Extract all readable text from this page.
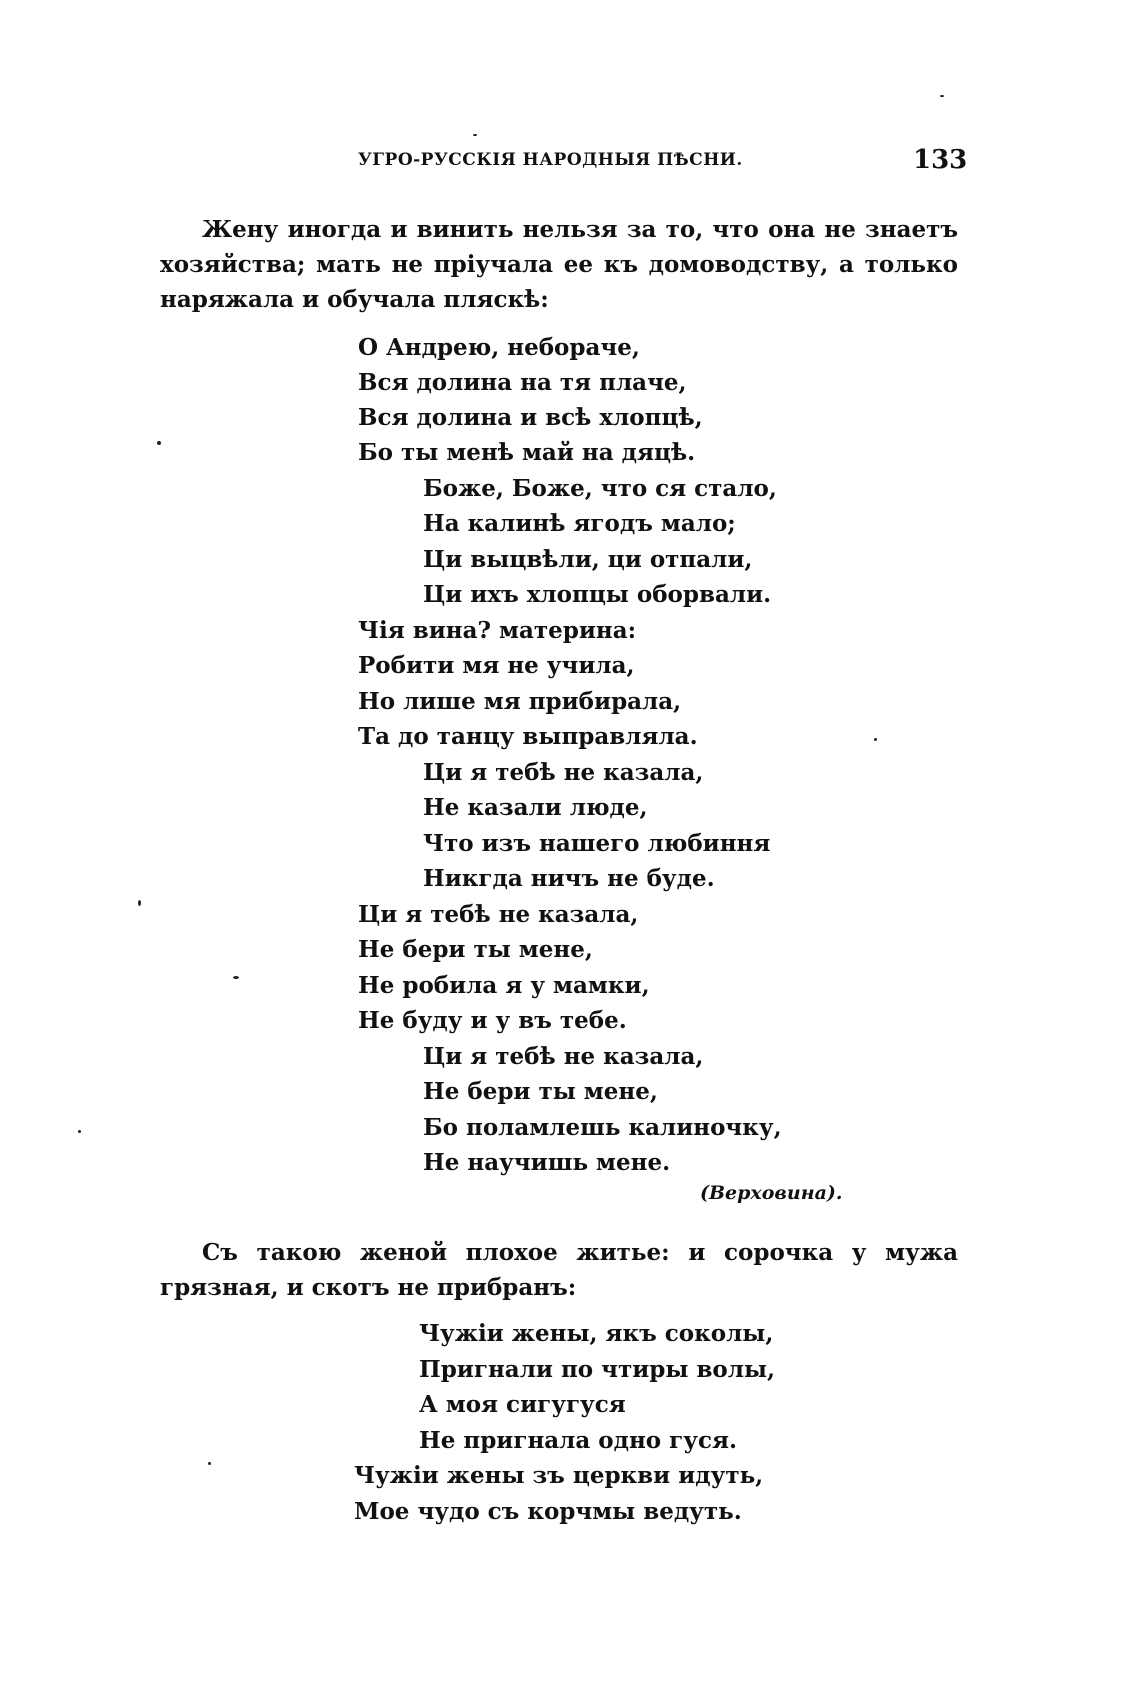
УГРО-РУССКІЯ НАРОДНЫЯ ПѢСНИ.	133

Жену иногда и винить нельзя за то, что она не знаетъ хозяйства; мать не пріучала ее къ домоводству, а только наряжала и обучала пляскѣ:

О Андрею, небораче,
Вся долина на тя плаче,
Вся долина и всѣ хлопцѣ,
Бо ты менѣ май на дяцѣ.
Боже, Боже, что ся стало,
На калинѣ ягодъ мало;
Ци выцвѣли, ци отпали,
Ци ихъ хлопцы оборвали.
Чія вина? материна:
Робити мя не учила,
Но лише мя прибирала,
Та до танцу выправляла.
Ци я тебѣ не казала,
Не казали люде,
Что изъ нашего любиння
Никгда ничъ не буде.
Ци я тебѣ не казала,
Не бери ты мене,
Не робила я у мамки,
Не буду и у въ тебе.
Ци я тебѣ не казала,
Не бери ты мене,
Бо поламлешь калиночку,
Не научишь мене.
(Верховина).

Съ такою женой плохое житье: и сорочка у мужа грязная, и скотъ не прибранъ:

Чужіи жены, якъ соколы,
Пригнали по чтиры волы,
А моя сигугуся
Не пригнала одно гуся.
Чужіи жены зъ церкви идуть,
Мое чудо съ корчмы ведуть.
